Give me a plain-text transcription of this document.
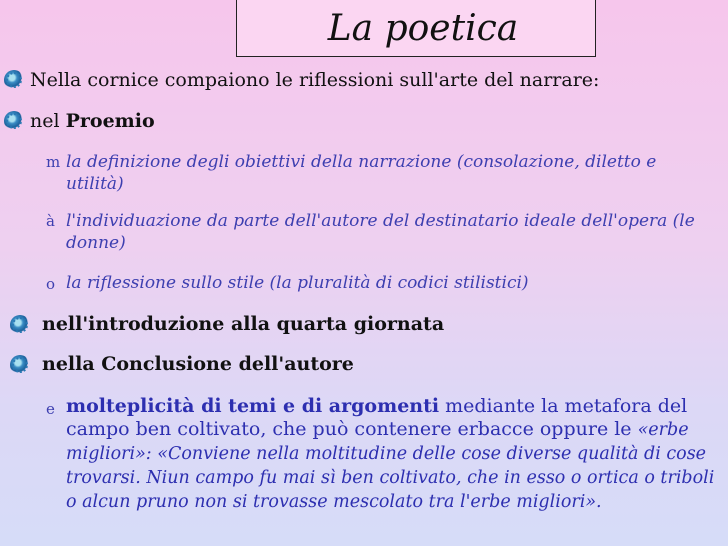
La poetica
Nella cornice compaiono le riflessioni sull'arte del narrare:
nel Proemio
m la definizione degli obiettivi della narrazione (consolazione, diletto e utilità)
à l'individuazione da parte dell'autore del destinatario ideale dell'opera (le donne)
o la riflessione sullo stile (la pluralità di codici stilistici)
nell'introduzione alla quarta giornata
nella Conclusione dell'autore
e molteplicità di temi e di argomenti mediante la metafora del campo ben coltivato, che può contenere erbacce oppure le «erbe migliori»: «Conviene nella moltitudine delle cose diverse qualità di cose trovarsi. Niun campo fu mai sì ben coltivato, che in esso o ortica o triboli o alcun pruno non si trovasse mescolato tra l'erbe migliori».
